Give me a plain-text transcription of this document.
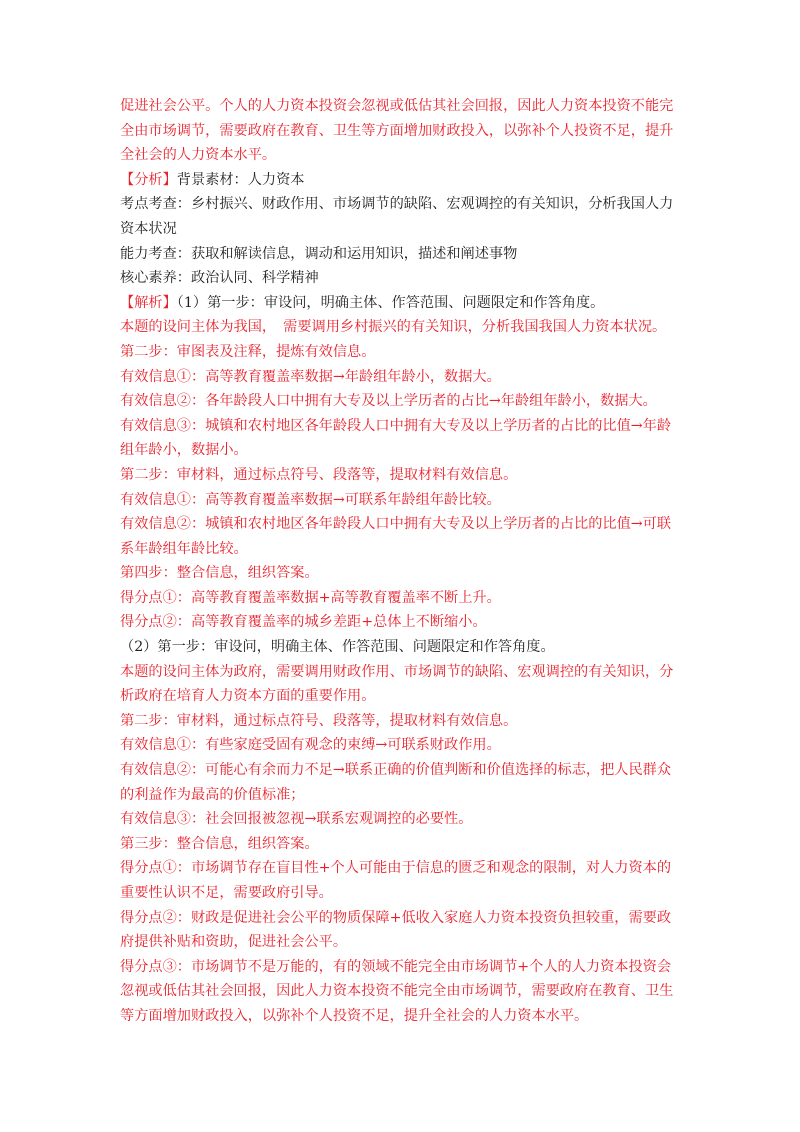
促进社会公平。个人的人力资本投资会忽视或低估其社会回报，因此人力资本投资不能完
全由市场调节，需要政府在教育、卫生等方面增加财政投入，以弥补个人投资不足，提升
全社会的人力资本水平。
【分析】背景素材：人力资本
考点考查：乡村振兴、财政作用、市场调节的缺陷、宏观调控的有关知识，分析我国人力
资本状况
能力考查：获取和解读信息，调动和运用知识，描述和阐述事物
核心素养：政治认同、科学精神
【解析】（1）第一步：审设问，明确主体、作答范围、问题限定和作答角度。
本题的设问主体为我国，　需要调用乡村振兴的有关知识，分析我国我国人力资本状况。
第二步：审图表及注释，提炼有效信息。
有效信息①：高等教育覆盖率数据→年龄组年龄小，数据大。
有效信息②：各年龄段人口中拥有大专及以上学历者的占比→年龄组年龄小，数据大。
有效信息③：城镇和农村地区各年龄段人口中拥有大专及以上学历者的占比的比值→年龄
组年龄小，数据小。
第二步：审材料，通过标点符号、段落等，提取材料有效信息。
有效信息①：高等教育覆盖率数据→可联系年龄组年龄比较。
有效信息②：城镇和农村地区各年龄段人口中拥有大专及以上学历者的占比的比值→可联
系年龄组年龄比较。
第四步：整合信息，组织答案。
得分点①：高等教育覆盖率数据+高等教育覆盖率不断上升。
得分点②：高等教育覆盖率的城乡差距+总体上不断缩小。
（2）第一步：审设问，明确主体、作答范围、问题限定和作答角度。
本题的设问主体为政府，需要调用财政作用、市场调节的缺陷、宏观调控的有关知识，分
析政府在培育人力资本方面的重要作用。
第二步：审材料，通过标点符号、段落等，提取材料有效信息。
有效信息①：有些家庭受固有观念的束缚→可联系财政作用。
有效信息②：可能心有余而力不足→联系正确的价值判断和价值选择的标志，把人民群众
的利益作为最高的价值标准；
有效信息③：社会回报被忽视→联系宏观调控的必要性。
第三步：整合信息，组织答案。
得分点①：市场调节存在盲目性+个人可能由于信息的匮乏和观念的限制，对人力资本的
重要性认识不足，需要政府引导。
得分点②：财政是促进社会公平的物质保障+低收入家庭人力资本投资负担较重，需要政
府提供补贴和资助，促进社会公平。
得分点③：市场调节不是万能的，有的领域不能完全由市场调节+个人的人力资本投资会
忽视或低估其社会回报，因此人力资本投资不能完全由市场调节，需要政府在教育、卫生
等方面增加财政投入，以弥补个人投资不足，提升全社会的人力资本水平。
